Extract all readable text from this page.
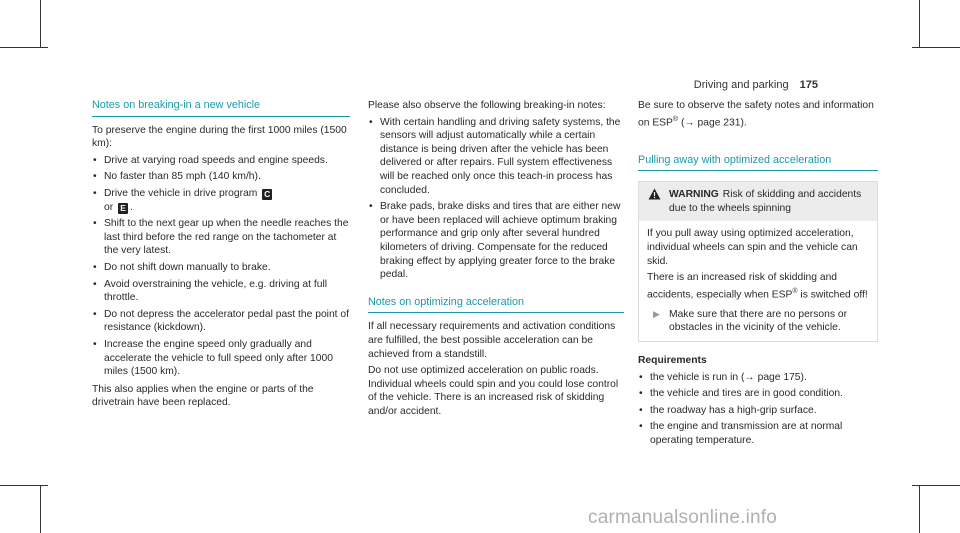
Driving and parking 175
Notes on breaking-in a new vehicle

To preserve the engine during the first 1000 miles (1500 km):

• Drive at varying road speeds and engine speeds.
• No faster than 85 mph (140 km/h).
• Drive the vehicle in drive program C
or E .
• Shift to the next gear up when the needle reaches the last third before the red range on the tachometer at the very latest.
• Do not shift down manually to brake.
• Avoid overstraining the vehicle, e.g. driving at full throttle.
• Do not depress the accelerator pedal past the point of resistance (kickdown).
• Increase the engine speed only gradually and accelerate the vehicle to full speed only after 1000 miles (1500 km).

This also applies when the engine or parts of the drivetrain have been replaced.

Please also observe the following breaking-in notes:

• With certain handling and driving safety systems, the sensors will adjust automatically while a certain distance is being driven after the vehicle has been delivered or after repairs. Full system effectiveness will be reached only once this teach-in process has concluded.
• Brake pads, brake disks and tires that are either new or have been replaced will achieve optimum braking performance and grip only after several hundred kilometers of driving. Compensate for the reduced braking effect by applying greater force to the brake pedal.
Notes on optimizing acceleration

If all necessary requirements and activation conditions are fulfilled, the best possible acceleration can be achieved from a standstill.

Do not use optimized acceleration on public roads. Individual wheels could spin and you could lose control of the vehicle. There is an increased risk of skidding and/or accident.

Be sure to observe the safety notes and information on ESP® (→ page 231).

Pulling away with optimized acceleration
WARNING Risk of skidding and accidents due to the wheels spinning

If you pull away using optimized acceleration, individual wheels can spin and the vehicle can skid.

There is an increased risk of skidding and accidents, especially when ESP® is switched off!

▶ Make sure that there are no persons or obstacles in the vicinity of the vehicle.
Requirements
• the vehicle is run in (→ page 175).
• the vehicle and tires are in good condition.
• the roadway has a high-grip surface.
• the engine and transmission are at normal operating temperature.
carmanualsonline.info
